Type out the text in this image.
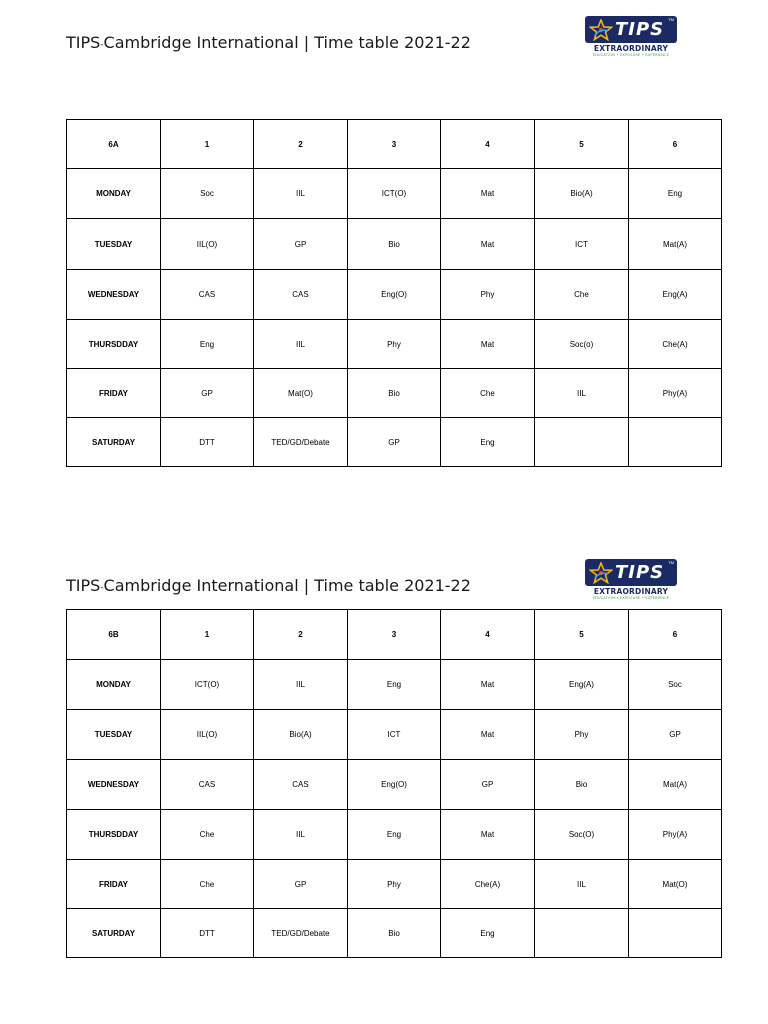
TIPS-Cambridge International | Time table 2021-22
TIPS TM
EXTRAORDINARY
EDUCATION • EXPOSURE • EXPERIENCE
6A	1	2	3	4	5	6
MONDAY	Soc	IIL	ICT(O)	Mat	Bio(A)	Eng
TUESDAY	IIL(O)	GP	Bio	Mat	ICT	Mat(A)
WEDNESDAY	CAS	CAS	Eng(O)	Phy	Che	Eng(A)
THURSDDAY	Eng	IIL	Phy	Mat	Soc(o)	Che(A)
FRIDAY	GP	Mat(O)	Bio	Che	IIL	Phy(A)
SATURDAY	DTT	TED/GD/Debate	GP	Eng		
TIPS-Cambridge International | Time table 2021-22
TIPS TM
EXTRAORDINARY
EDUCATION • EXPOSURE • EXPERIENCE
6B	1	2	3	4	5	6
MONDAY	ICT(O)	IIL	Eng	Mat	Eng(A)	Soc
TUESDAY	IIL(O)	Bio(A)	ICT	Mat	Phy	GP
WEDNESDAY	CAS	CAS	Eng(O)	GP	Bio	Mat(A)
THURSDDAY	Che	IIL	Eng	Mat	Soc(O)	Phy(A)
FRIDAY	Che	GP	Phy	Che(A)	IIL	Mat(O)
SATURDAY	DTT	TED/GD/Debate	Bio	Eng		
